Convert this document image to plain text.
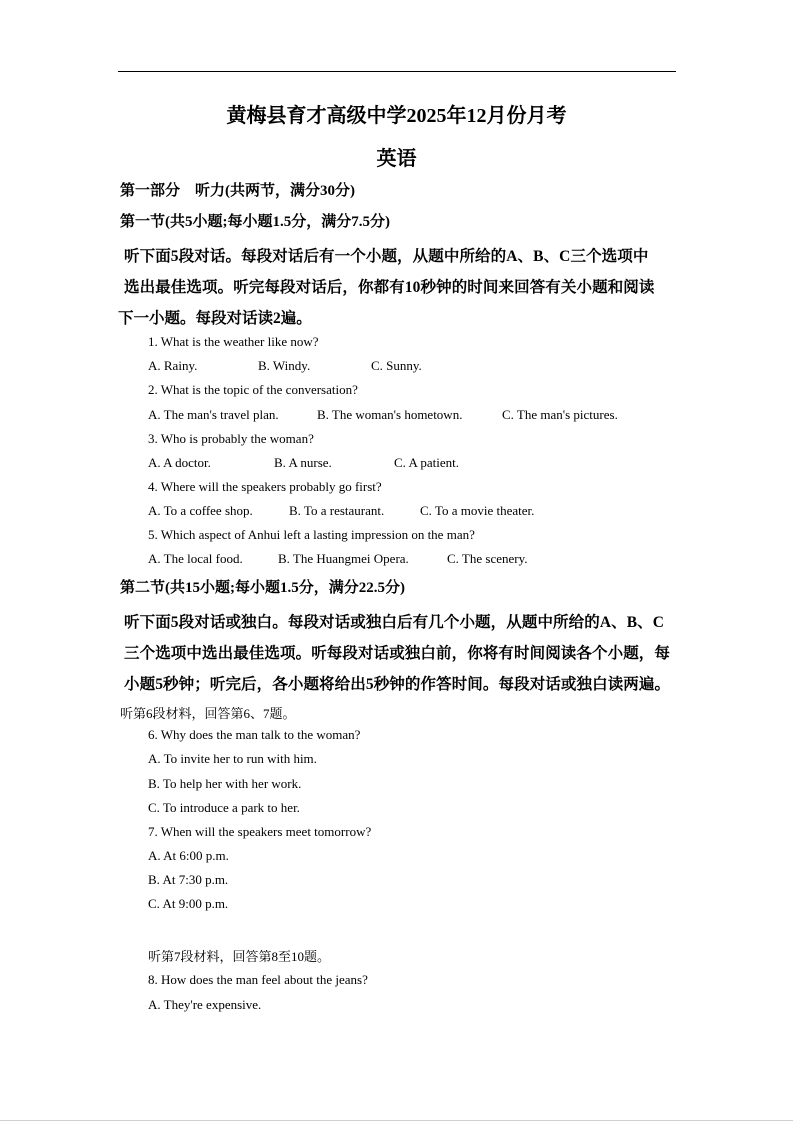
黄梅县育才高级中学2025年12月份月考
英语
第一部分　听力(共两节，满分30分)
第一节(共5小题;每小题1.5分，满分7.5分)
听下面5段对话。每段对话后有一个小题，从题中所给的A、B、C三个选项中
选出最佳选项。听完每段对话后，你都有10秒钟的时间来回答有关小题和阅读
下一小题。每段对话读2遍。
1. What is the weather like now?
A. Rainy.	B. Windy.	C. Sunny.
2. What is the topic of the conversation?
A. The man's travel plan.	B. The woman's hometown.	C. The man's pictures.
3. Who is probably the woman?
A. A doctor.	B. A nurse.	C. A patient.
4. Where will the speakers probably go first?
A. To a coffee shop.	B. To a restaurant.	C. To a movie theater.
5. Which aspect of Anhui left a lasting impression on the man?
A. The local food.	B. The Huangmei Opera.	C. The scenery.
第二节(共15小题;每小题1.5分，满分22.5分)
听下面5段对话或独白。每段对话或独白后有几个小题，从题中所给的A、B、C
三个选项中选出最佳选项。听每段对话或独白前，你将有时间阅读各个小题，每
小题5秒钟；听完后，各小题将给出5秒钟的作答时间。每段对话或独白读两遍。
听第6段材料，回答第6、7题。
6. Why does the man talk to the woman?
A. To invite her to run with him.
B. To help her with her work.
C. To introduce a park to her.
7. When will the speakers meet tomorrow?
A. At 6:00 p.m.
B. At 7:30 p.m.
C. At 9:00 p.m.
听第7段材料，回答第8至10题。
8. How does the man feel about the jeans?
A. They're expensive.
